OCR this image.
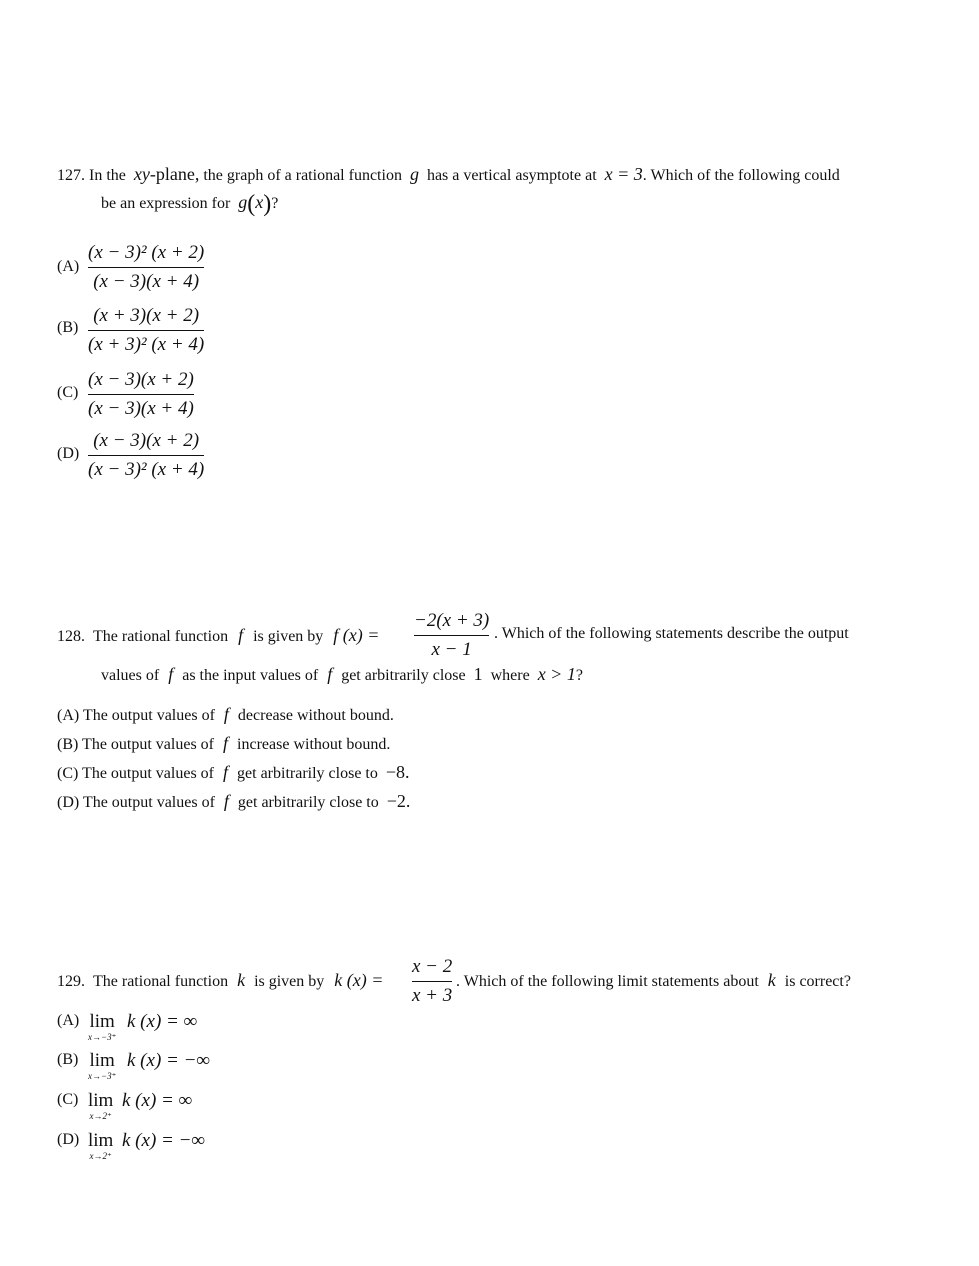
127. In the xy-plane, the graph of a rational function g has a vertical asymptote at x = 3. Which of the following could
be an expression for g(x)?
(A)
(x − 3)² (x + 2)
(x − 3)(x + 4)
(B)
(x + 3)(x + 2)
(x + 3)² (x + 4)
(C)
(x − 3)(x + 2)
(x − 3)(x + 4)
(D)
(x − 3)(x + 2)
(x − 3)² (x + 4)
128. The rational function f is given by f (x) =
−2(x + 3)
x − 1
. Which of the following statements describe the output
values of f as the input values of f get arbitrarily close 1 where x > 1?
(A) The output values of f decrease without bound.
(B) The output values of f increase without bound.
(C) The output values of f get arbitrarily close to −8.
(D) The output values of f get arbitrarily close to −2.
129. The rational function k is given by k (x) =
x − 2
x + 3
. Which of the following limit statements about k is correct?
(A) lim
x→−3⁺
k (x) = ∞
(B) lim
x→−3⁺
k (x) = −∞
(C) lim
x→2⁺
k (x) = ∞
(D) lim
x→2⁺
k (x) = −∞
